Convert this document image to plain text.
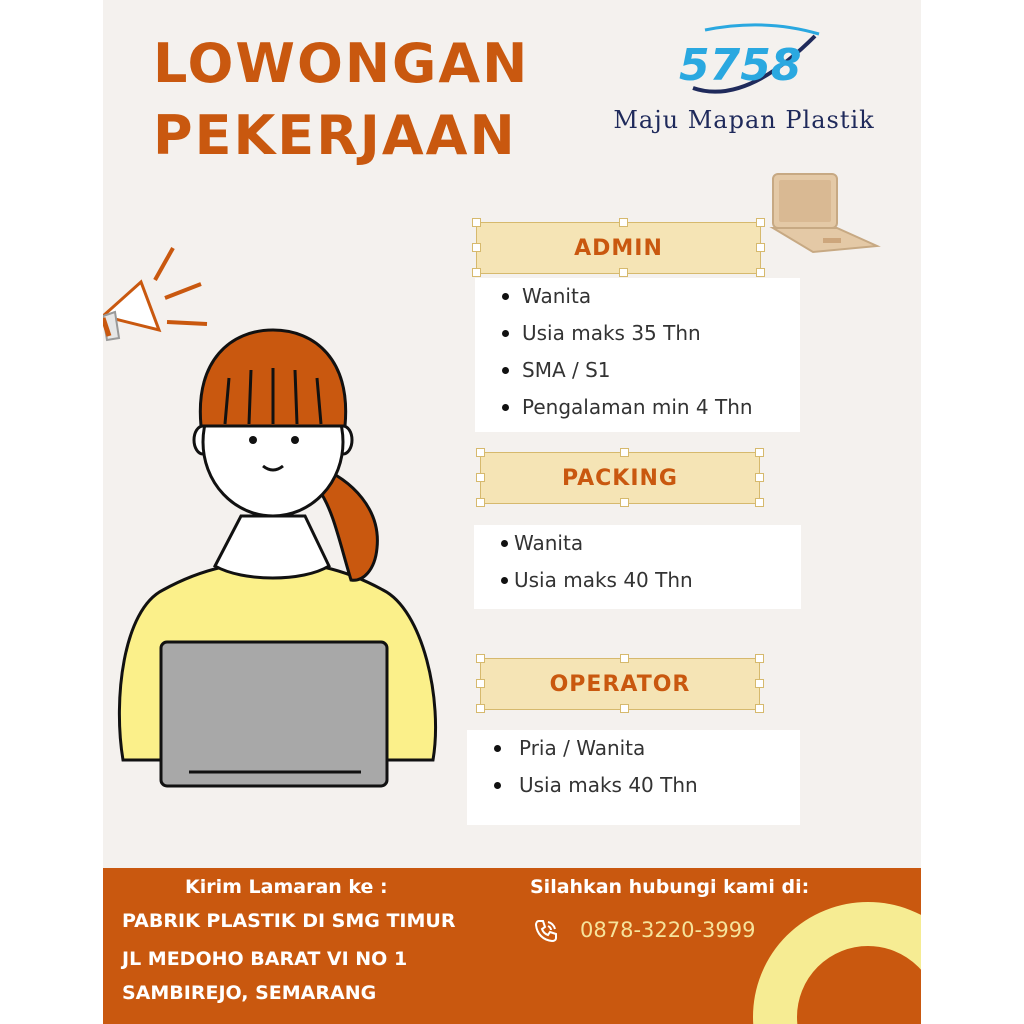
LOWONGAN
PEKERJAAN
5758
Maju Mapan Plastik
ADMIN
Wanita
Usia maks 35 Thn
SMA / S1
Pengalaman min 4 Thn
PACKING
Wanita
Usia maks 40 Thn
OPERATOR
Pria / Wanita
Usia maks 40 Thn
Kirim Lamaran ke :
PABRIK PLASTIK DI SMG TIMUR
JL MEDOHO BARAT VI NO 1
SAMBIREJO, SEMARANG
Silahkan hubungi kami di:
0878-3220-3999
